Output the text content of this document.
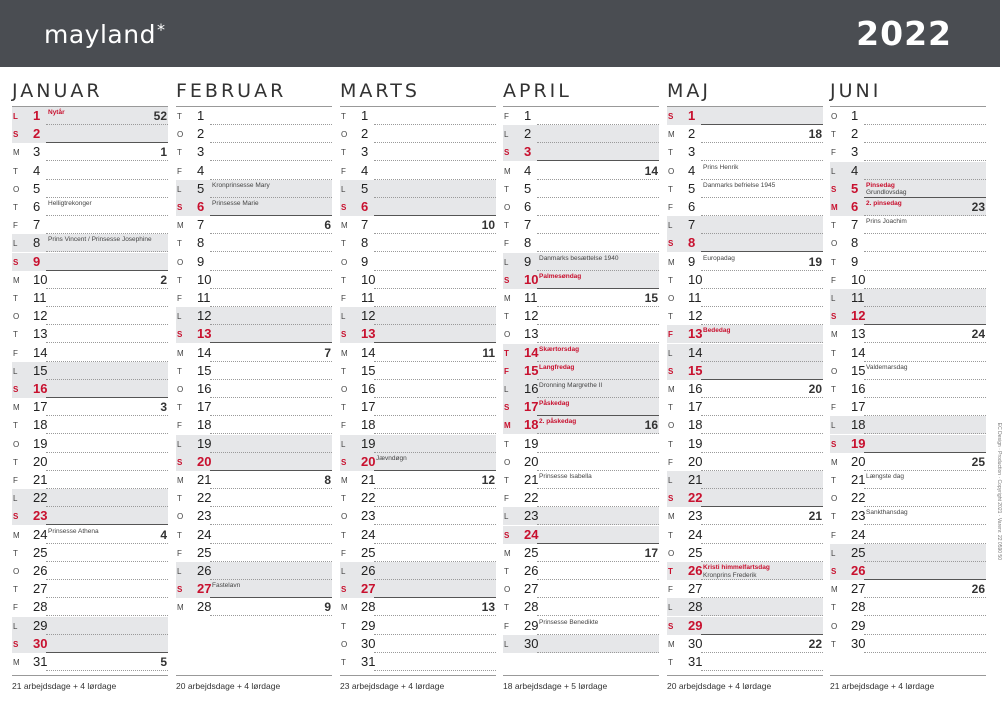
mayland*	2022
JANUAR
L 1 Nytår	52
S 2
M 3	1
T 4
O 5
T 6 Helligtrekonger
F 7
L 8 Prins Vincent / Prinsesse Josephine
S 9
M 10	2
T 11
O 12
T 13
F 14
L 15
S 16
M 17	3
T 18
O 19
T 20
F 21
L 22
S 23
M 24 Prinsesse Athena	4
T 25
O 26
T 27
F 28
L 29
S 30
M 31	5
21 arbejdsdage + 4 lørdage
FEBRUAR
T 1
O 2
T 3
F 4
L 5 Kronprinsesse Mary
S 6 Prinsesse Marie
M 7	6
T 8
O 9
T 10
F 11
L 12
S 13
M 14	7
T 15
O 16
T 17
F 18
L 19
S 20
M 21	8
T 22
O 23
T 24
F 25
L 26
S 27 Fastelavn
M 28	9
20 arbejdsdage + 4 lørdage
MARTS
T 1
O 2
T 3
F 4
L 5
S 6
M 7	10
T 8
O 9
T 10
F 11
L 12
S 13
M 14	11
T 15
O 16
T 17
F 18
L 19
S 20 Jævndøgn
M 21	12
T 22
O 23
T 24
F 25
L 26
S 27
M 28	13
T 29
O 30
T 31
23 arbejdsdage + 4 lørdage
APRIL
F 1
L 2
S 3
M 4	14
T 5
O 6
T 7
F 8
L 9 Danmarks besættelse 1940
S 10 Palmesøndag
M 11	15
T 12
O 13
T 14 Skærtorsdag
F 15 Langfredag
L 16 Dronning Margrethe II
S 17 Påskedag
M 18 2. påskedag	16
T 19
O 20
T 21 Prinsesse Isabella
F 22
L 23
S 24
M 25	17
T 26
O 27
T 28
F 29 Prinsesse Benedikte
L 30
18 arbejdsdage + 5 lørdage
MAJ
S 1
M 2	18
T 3
O 4 Prins Henrik
T 5 Danmarks befrielse 1945
F 6
L 7
S 8
M 9 Europadag	19
T 10
O 11
T 12
F 13 Bededag
L 14
S 15
M 16	20
T 17
O 18
T 19
F 20
L 21
S 22
M 23	21
T 24
O 25
T 26 Kristi himmelfartsdag
Kronprins Frederik
F 27
L 28
S 29
M 30	22
T 31
20 arbejdsdage + 4 lørdage
JUNI
O 1
T 2
F 3
L 4
S 5 Pinsedag
Grundlovsdag
M 6 2. pinsedag	23
T 7 Prins Joachim
O 8
T 9
F 10
L 11
S 12
M 13	24
T 14
O 15 Valdemarsdag
T 16
F 17
L 18
S 19
M 20	25
T 21 Længste dag
O 22
T 23 Sankthansdag
F 24
L 25
S 26
M 27	26
T 28
O 29
T 30
21 arbejdsdage + 4 lørdage
EC Design · Production · Copyright 2021 · Varenr. 22 0590 50
